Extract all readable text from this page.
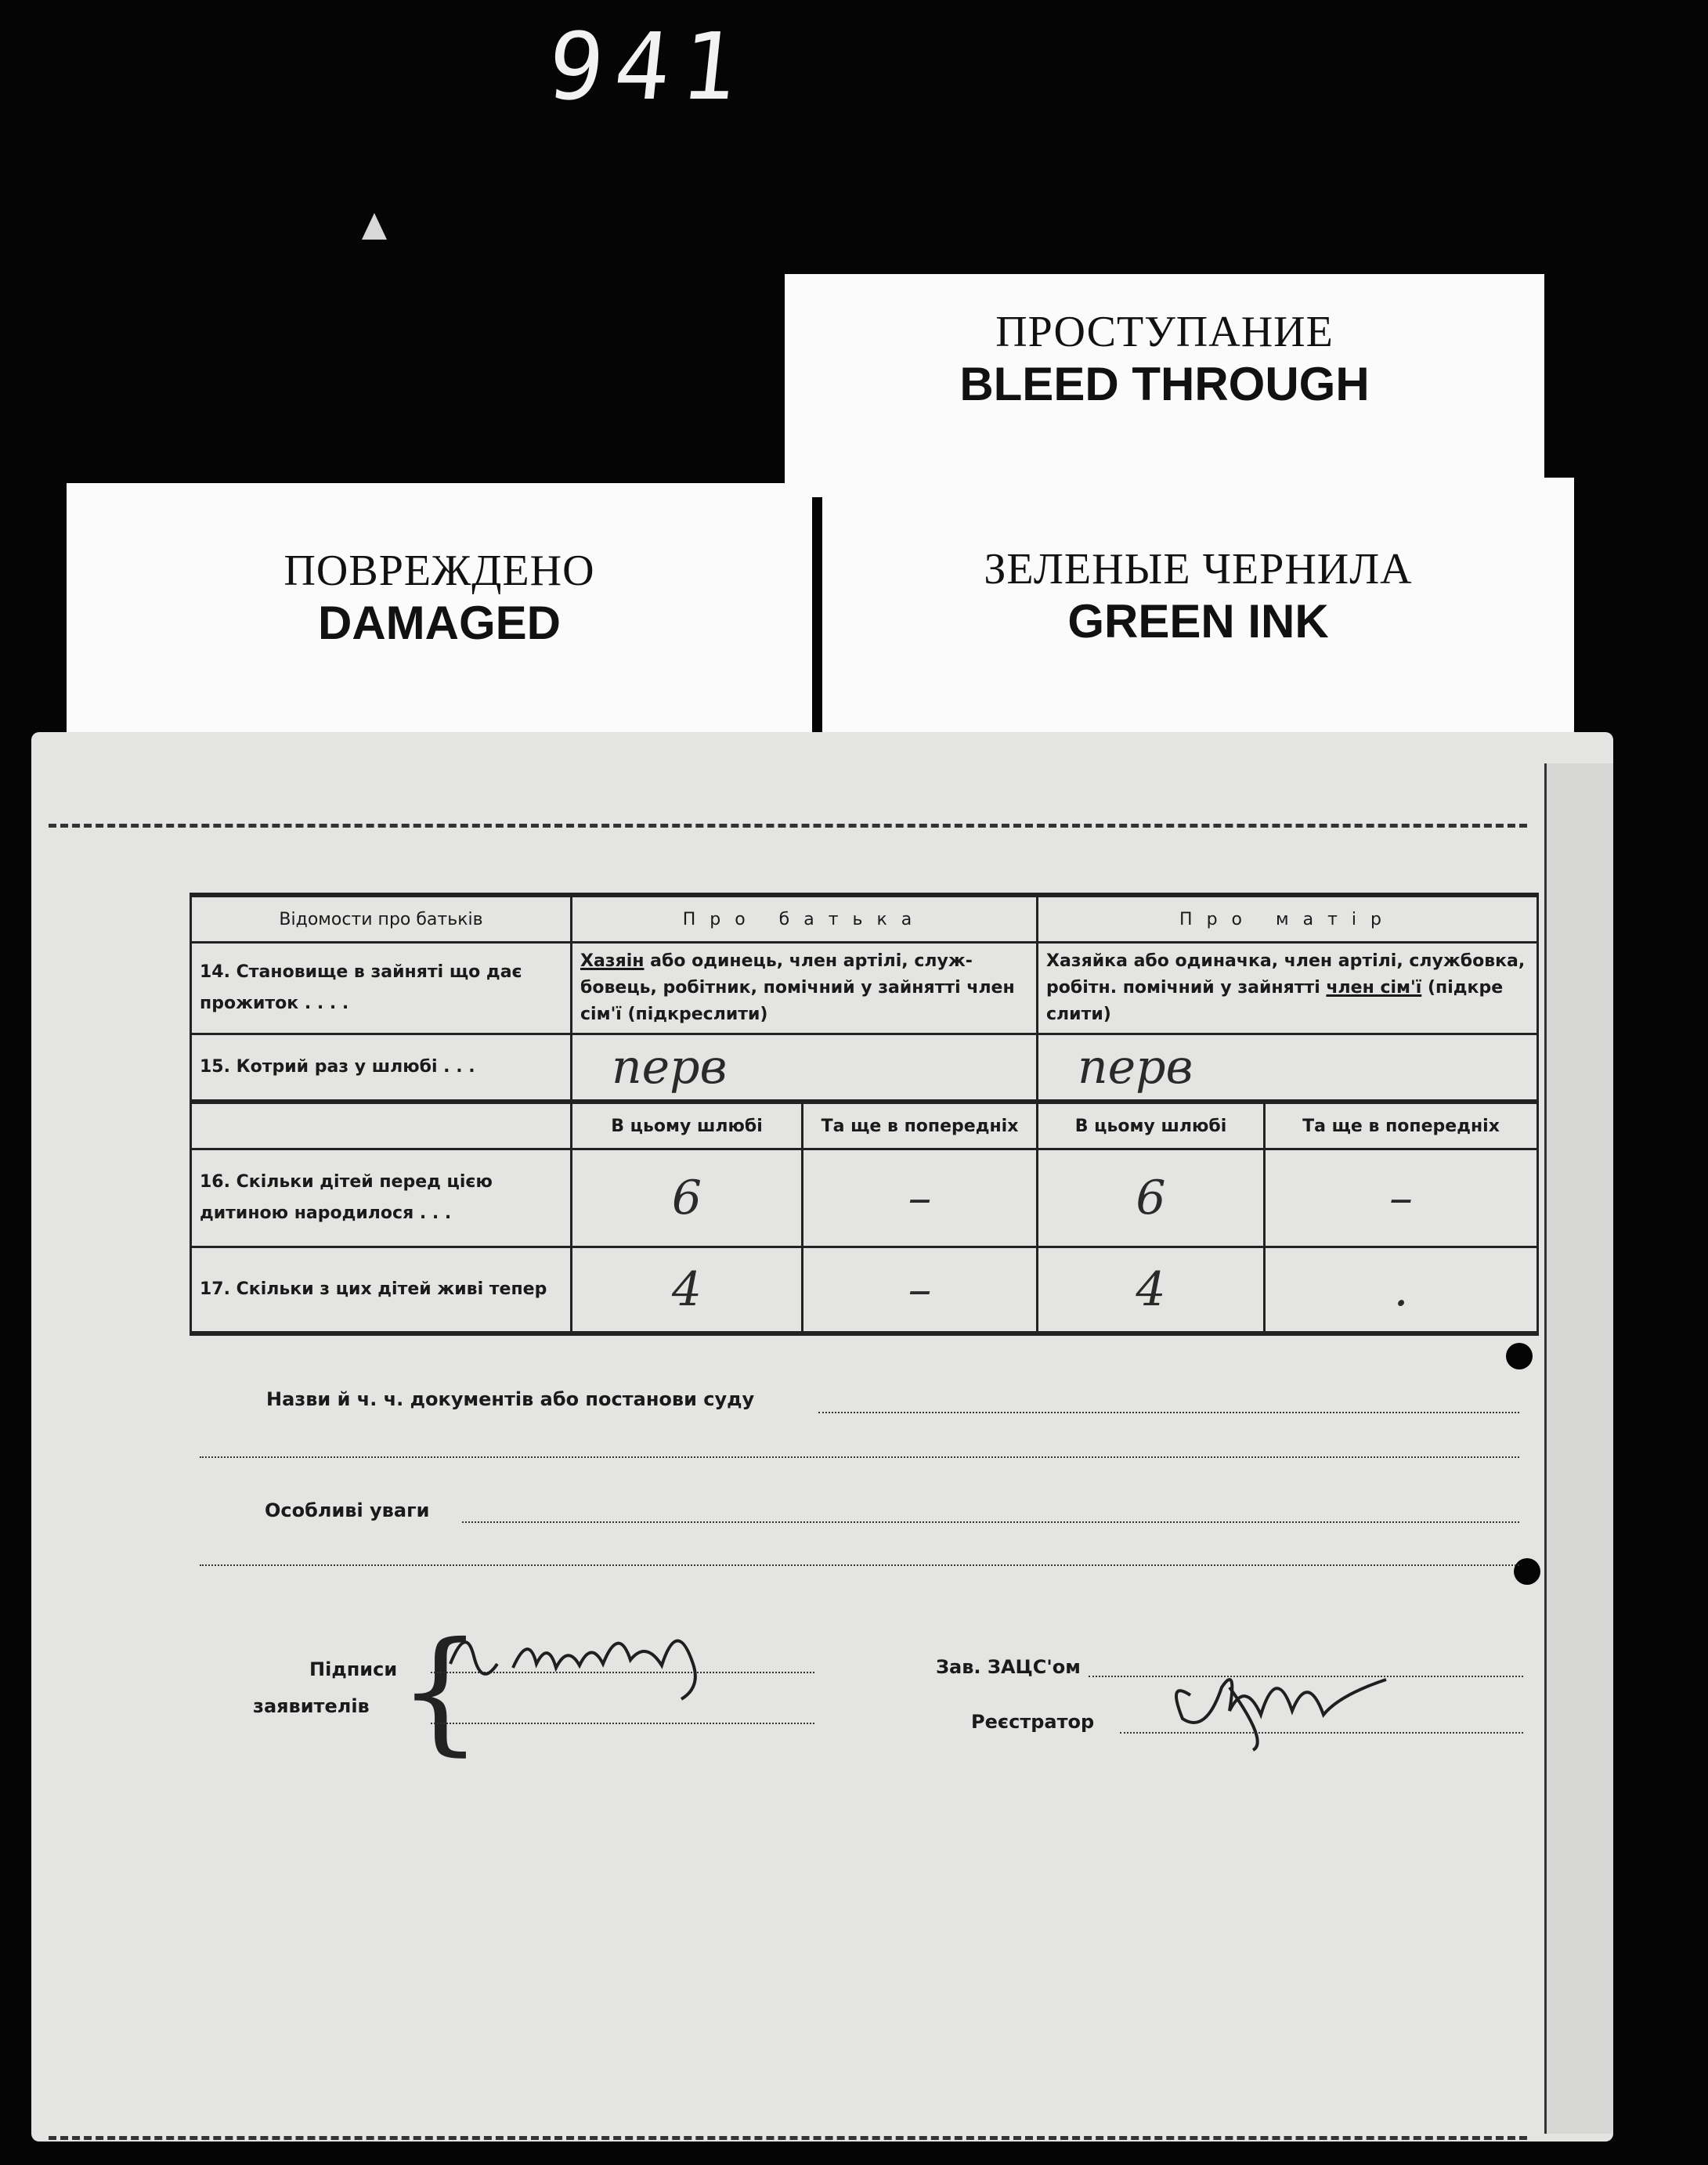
941
ПРОСТУПАНИЕ
BLEED THROUGH
ПОВРЕЖДЕНО
DAMAGED
ЗЕЛЕНЫЕ ЧЕРНИЛА
GREEN INK
Відомости про батьків	Про батька		Про матір	
14. Становище в зайняті що дає прожиток . . . .	Хазяін або одинець, член артілі, служ-бовець, робітник, помічний у зайнятті член сім'ї (підкреслити)		Хазяйка або одиначка, член артілі, службовка, робітн. помічний у зайнятті член сім'ї (підкре слити)	
15. Котрий раз у шлюбі . . .	перв		перв	
	В цьому шлюбі	Та ще в попередніх	В цьому шлюбі	Та ще в попередніх
16. Скільки дітей перед цією дитиною народилося . . .	6	–	6	–
17. Скільки з цих дітей живі тепер	4	–	4	.
Назви й ч. ч. документів або постанови суду
Особливі уваги
Підписи
заявителів {	Зав. ЗАЦС'ом
Реєстратор
